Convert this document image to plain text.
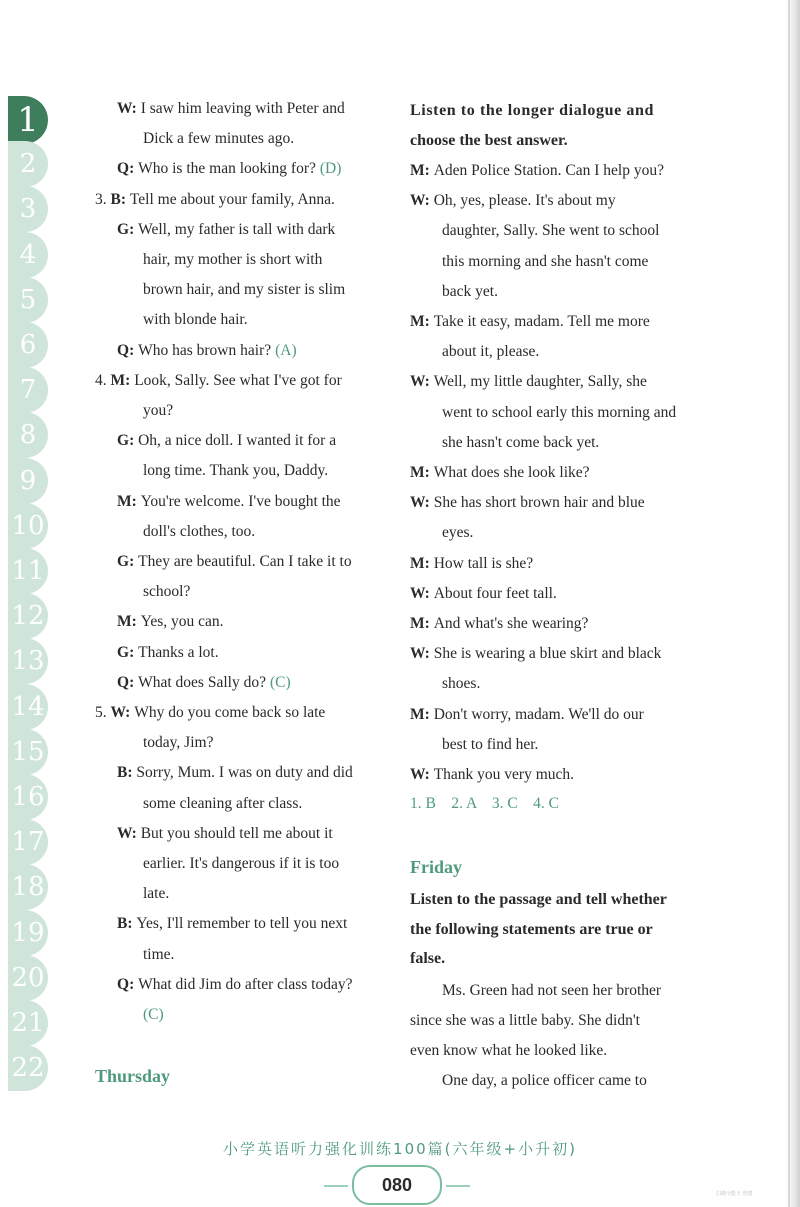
1
2
3
4
5
6
7
8
9
10
11
12
13
14
15
16
17
18
19
20
21
22
W: I saw him leaving with Peter and
Dick a few minutes ago.
Q: Who is the man looking for? (D)
3. B: Tell me about your family, Anna.
G: Well, my father is tall with dark
hair, my mother is short with
brown hair, and my sister is slim
with blonde hair.
Q: Who has brown hair? (A)
4. M: Look, Sally. See what I've got for
you?
G: Oh, a nice doll. I wanted it for a
long time. Thank you, Daddy.
M: You're welcome. I've bought the
doll's clothes, too.
G: They are beautiful. Can I take it to
school?
M: Yes, you can.
G: Thanks a lot.
Q: What does Sally do? (C)
5. W: Why do you come back so late
today, Jim?
B: Sorry, Mum. I was on duty and did
some cleaning after class.
W: But you should tell me about it
earlier. It's dangerous if it is too
late.
B: Yes, I'll remember to tell you next
time.
Q: What did Jim do after class today?
(C)
Thursday
Listen to the longer dialogue and
choose the best answer.
M: Aden Police Station. Can I help you?
W: Oh, yes, please. It's about my
daughter, Sally. She went to school
this morning and she hasn't come
back yet.
M: Take it easy, madam. Tell me more
about it, please.
W: Well, my little daughter, Sally, she
went to school early this morning and
she hasn't come back yet.
M: What does she look like?
W: She has short brown hair and blue
eyes.
M: How tall is she?
W: About four feet tall.
M: And what's she wearing?
W: She is wearing a blue skirt and black
shoes.
M: Don't worry, madam. We'll do our
best to find her.
W: Thank you very much.
1. B    2. A    3. C    4. C
Friday
Listen to the passage and tell whether
the following statements are true or
false.
Ms. Green had not seen her brother
since she was a little baby. She didn't
even know what he looked like.
One day, a police officer came to
小学英语听力强化训练100篇(六年级+小升初)
080	扫描全能王 创建
